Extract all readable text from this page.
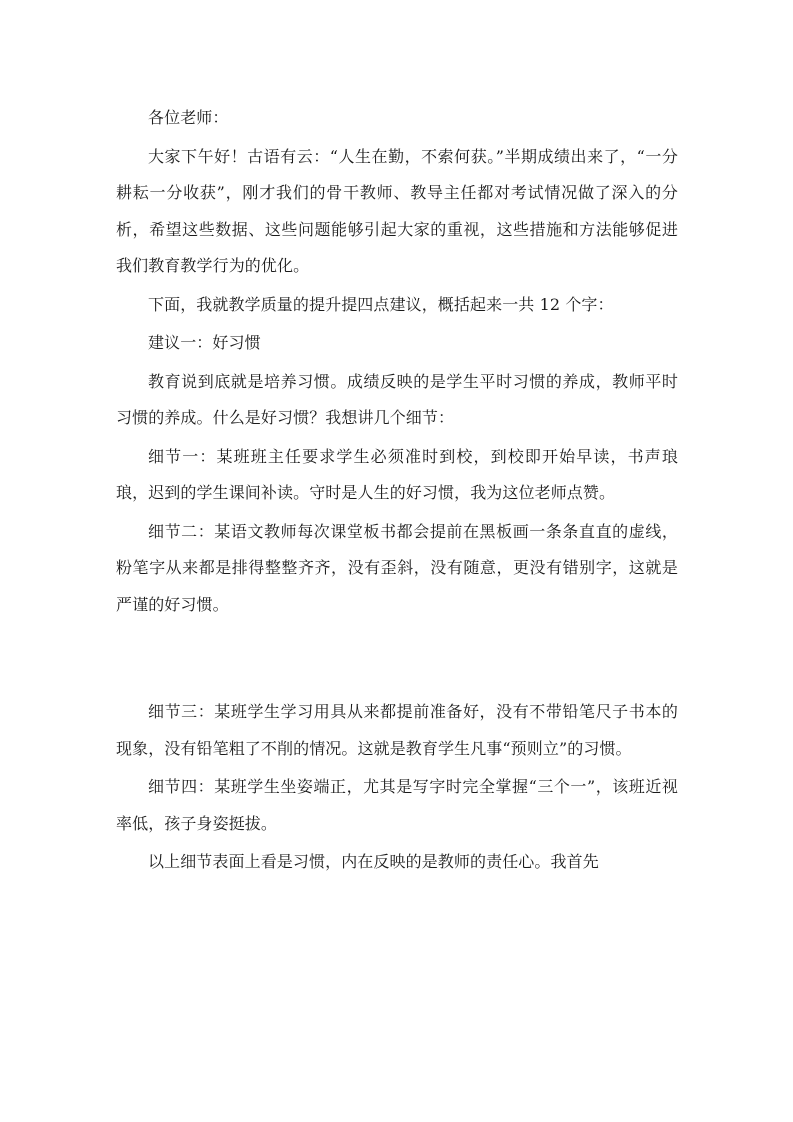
各位老师：

大家下午好！古语有云：“人生在勤，不索何获。”半期成绩出来了，“一分耕耘一分收获”，刚才我们的骨干教师、教导主任都对考试情况做了深入的分析，希望这些数据、这些问题能够引起大家的重视，这些措施和方法能够促进我们教育教学行为的优化。

下面，我就教学质量的提升提四点建议，概括起来一共 12 个字：

建议一：好习惯

教育说到底就是培养习惯。成绩反映的是学生平时习惯的养成，教师平时习惯的养成。什么是好习惯？我想讲几个细节：

细节一：某班班主任要求学生必须准时到校，到校即开始早读，书声琅琅，迟到的学生课间补读。守时是人生的好习惯，我为这位老师点赞。

细节二：某语文教师每次课堂板书都会提前在黑板画一条条直直的虚线，粉笔字从来都是排得整整齐齐，没有歪斜，没有随意，更没有错别字，这就是严谨的好习惯。

细节三：某班学生学习用具从来都提前准备好，没有不带铅笔尺子书本的现象，没有铅笔粗了不削的情况。这就是教育学生凡事“预则立”的习惯。

细节四：某班学生坐姿端正，尤其是写字时完全掌握“三个一”，该班近视率低，孩子身姿挺拔。

以上细节表面上看是习惯，内在反映的是教师的责任心。我首先
